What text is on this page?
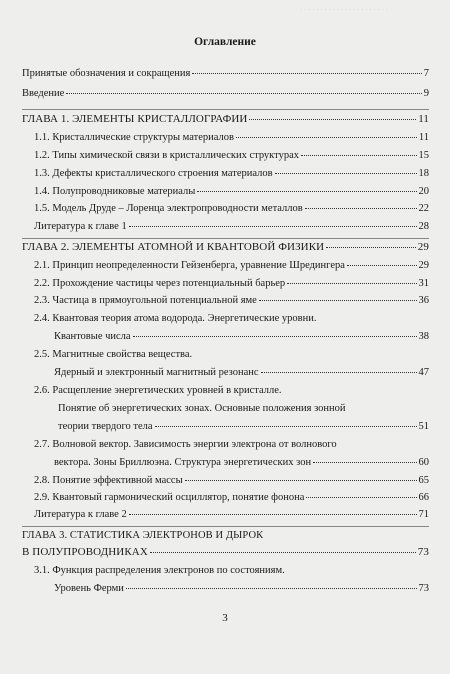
· · · · · · · · · · · · · · · · · · · · · ·
Оглавление
Принятые обозначения и сокращения	7
Введение	9
ГЛАВА 1. ЭЛЕМЕНТЫ КРИСТАЛЛОГРАФИИ	11
1.1. Кристаллические структуры материалов	11
1.2. Типы химической связи в кристаллических структурах	15
1.3. Дефекты кристаллического строения материалов	18
1.4. Полупроводниковые материалы	20
1.5. Модель Друде – Лоренца электропроводности металлов	22
Литература к главе 1	28
ГЛАВА 2. ЭЛЕМЕНТЫ АТОМНОЙ И КВАНТОВОЙ ФИЗИКИ	29
2.1. Принцип неопределенности Гейзенберга, уравнение Шредингера	29
2.2. Прохождение частицы через потенциальный барьер	31
2.3. Частица в прямоугольной потенциальной яме	36
2.4. Квантовая теория атома водорода. Энергетические уровни.
Квантовые числа	38
2.5. Магнитные свойства вещества.
Ядерный и электронный магнитный резонанс	47
2.6. Расщепление энергетических уровней в кристалле.
Понятие об энергетических зонах. Основные положения зонной
теории твердого тела	51
2.7. Волновой вектор. Зависимость энергии электрона от волнового
вектора. Зоны Бриллюэна. Структура энергетических зон	60
2.8. Понятие эффективной массы	65
2.9. Квантовый гармонический осциллятор, понятие фонона	66
Литература к главе 2	71
ГЛАВА 3. СТАТИСТИКА ЭЛЕКТРОНОВ И ДЫРОК
В ПОЛУПРОВОДНИКАХ	73
3.1. Функция распределения электронов по состояниям.
Уровень Ферми	73
3
